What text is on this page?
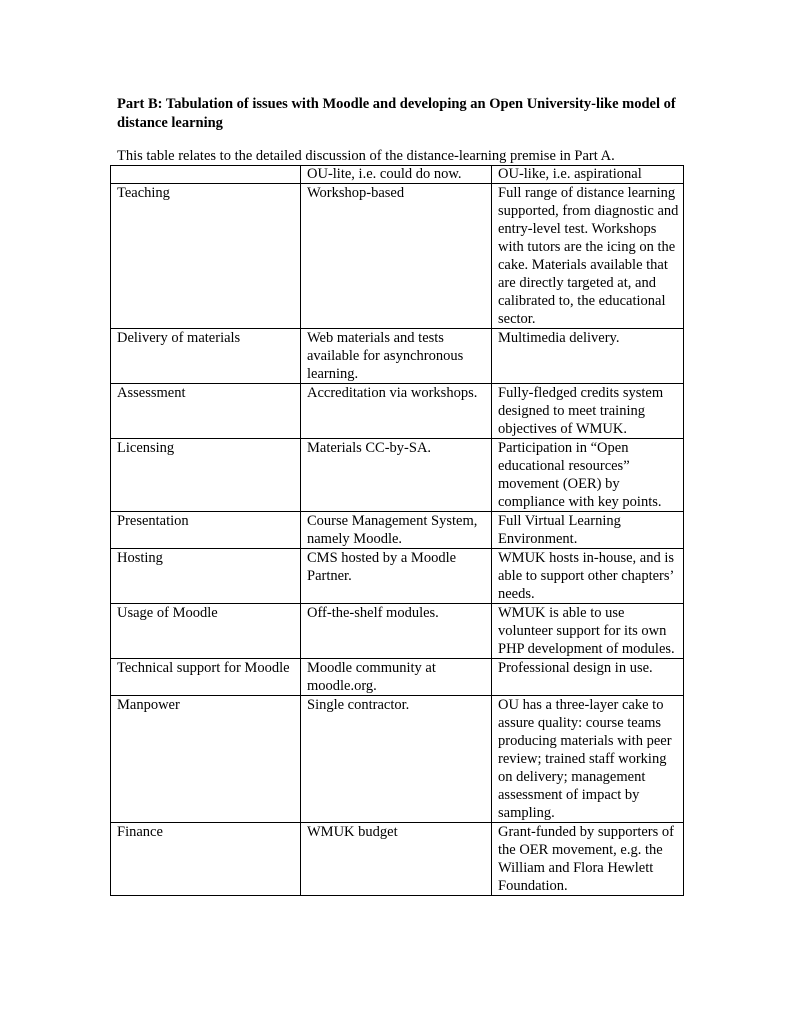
Part B: Tabulation of issues with Moodle and developing an Open University-like model of distance learning

This table relates to the detailed discussion of the distance-learning premise in Part A.

	OU-lite, i.e. could do now.	OU-like, i.e. aspirational
Teaching	Workshop-based	Full range of distance learning supported, from diagnostic and entry-level test. Workshops with tutors are the icing on the cake. Materials available that are directly targeted at, and calibrated to, the educational sector.
Delivery of materials	Web materials and tests available for asynchronous learning.	Multimedia delivery.
Assessment	Accreditation via workshops.	Fully-fledged credits system designed to meet training objectives of WMUK.
Licensing	Materials CC-by-SA.	Participation in “Open educational resources” movement (OER) by compliance with key points.
Presentation	Course Management System, namely Moodle.	Full Virtual Learning Environment.
Hosting	CMS hosted by a Moodle Partner.	WMUK hosts in-house, and is able to support other chapters’ needs.
Usage of Moodle	Off-the-shelf modules.	WMUK is able to use volunteer support for its own PHP development of modules.
Technical support for Moodle	Moodle community at moodle.org.	Professional design in use.
Manpower	Single contractor.	OU has a three-layer cake to assure quality: course teams producing materials with peer review; trained staff working on delivery; management assessment of impact by sampling.
Finance	WMUK budget	Grant-funded by supporters of the OER movement, e.g. the William and Flora Hewlett Foundation.
